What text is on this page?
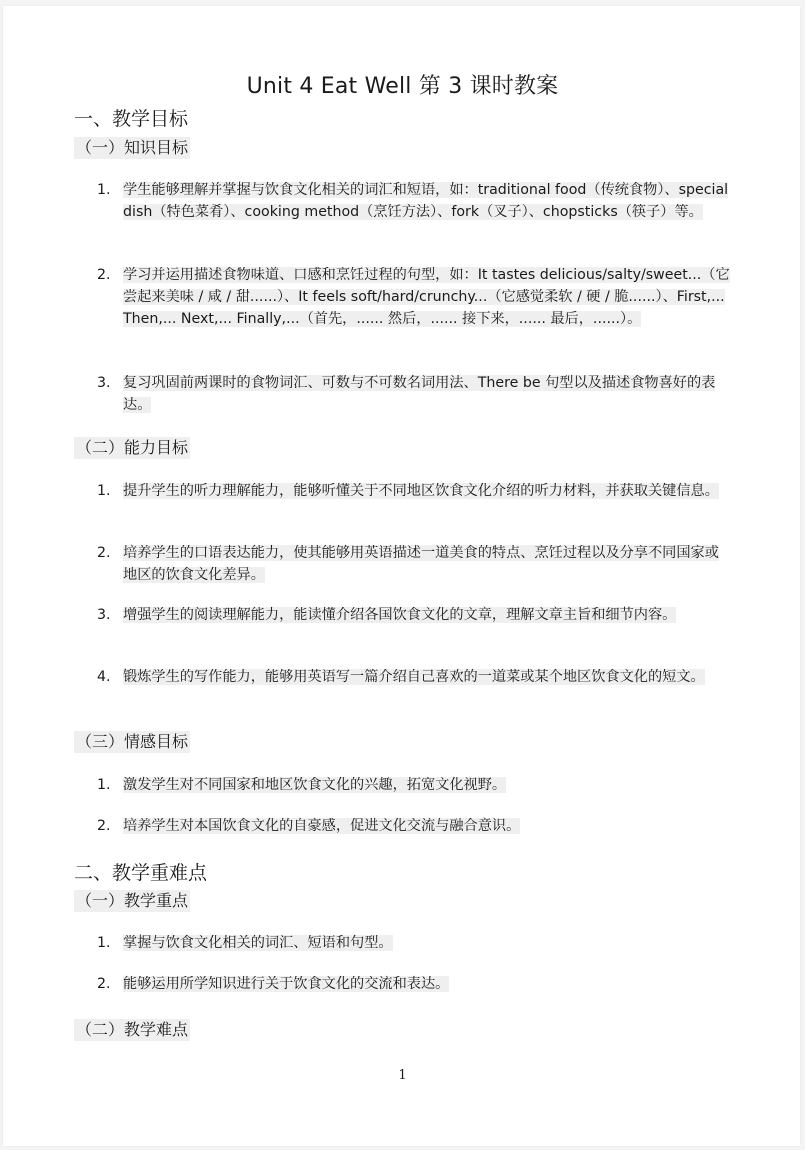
Unit 4 Eat Well 第 3 课时教案
一、教学目标
（一）知识目标
1. 学生能够理解并掌握与饮食文化相关的词汇和短语，如：traditional food（传统食物）、special dish（特色菜肴）、cooking method（烹饪方法）、fork（叉子）、chopsticks（筷子）等。
2. 学习并运用描述食物味道、口感和烹饪过程的句型，如：It tastes delicious/salty/sweet...（它尝起来美味 / 咸 / 甜......）、It feels soft/hard/crunchy...（它感觉柔软 / 硬 / 脆......）、First,... Then,... Next,... Finally,...（首先，...... 然后，...... 接下来，...... 最后，......）。
3. 复习巩固前两课时的食物词汇、可数与不可数名词用法、There be 句型以及描述食物喜好的表达。
（二）能力目标
1. 提升学生的听力理解能力，能够听懂关于不同地区饮食文化介绍的听力材料，并获取关键信息。
2. 培养学生的口语表达能力，使其能够用英语描述一道美食的特点、烹饪过程以及分享不同国家或地区的饮食文化差异。
3. 增强学生的阅读理解能力，能读懂介绍各国饮食文化的文章，理解文章主旨和细节内容。
4. 锻炼学生的写作能力，能够用英语写一篇介绍自己喜欢的一道菜或某个地区饮食文化的短文。
（三）情感目标
1. 激发学生对不同国家和地区饮食文化的兴趣，拓宽文化视野。
2. 培养学生对本国饮食文化的自豪感，促进文化交流与融合意识。
二、教学重难点
（一）教学重点
1. 掌握与饮食文化相关的词汇、短语和句型。
2. 能够运用所学知识进行关于饮食文化的交流和表达。
（二）教学难点
1
